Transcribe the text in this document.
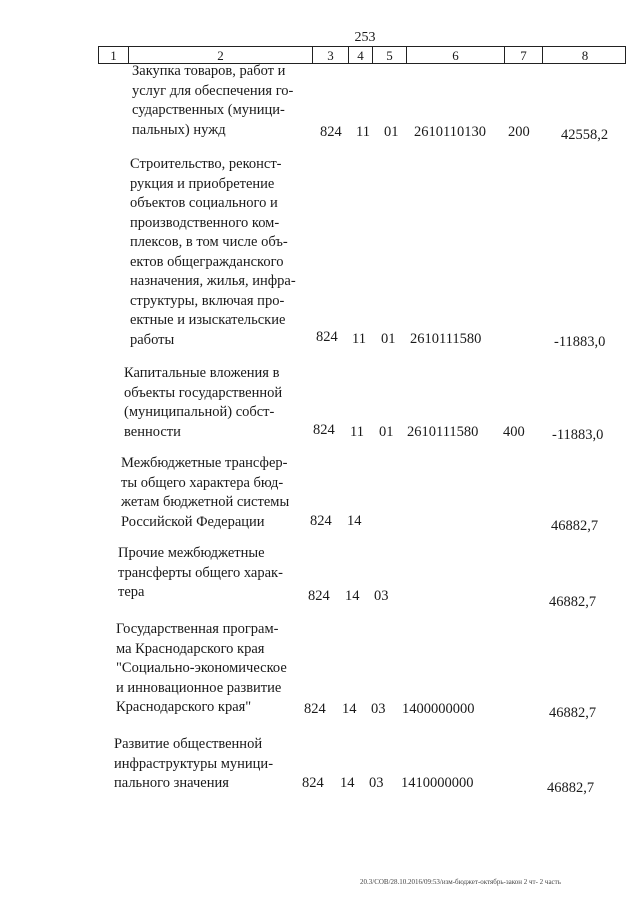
253
1	2	3	4	5	6	7	8
Закупка товаров, работ и
услуг для обеспечения го-
сударственных (муници-
пальных) нужд	824 11 01 2610110130 200 42558,2
Строительство, реконст-
рукция и приобретение
объектов социального и
производственного ком-
плексов, в том числе объ-
ектов общегражданского
назначения, жилья, инфра-
структуры, включая про-
ектные и изыскательские
работы	824 11 01 2610111580	-11883,0
Капитальные вложения в
объекты государственной
(муниципальной) собст-
венности	824 11 01 2610111580 400 -11883,0
Межбюджетные трансфер-
ты общего характера бюд-
жетам бюджетной системы
Российской Федерации	824 14	46882,7
Прочие межбюджетные
трансферты общего харак-
тера	824 14 03	46882,7
Государственная програм-
ма Краснодарского края
"Социально-экономическое
и инновационное развитие
Краснодарского края"	824 14 03 1400000000	46882,7
Развитие общественной
инфраструктуры муници-
пального значения	824 14 03 1410000000	46882,7
20.3/СОВ/28.10.2016/09:53/изм-бюджет-октябрь-закон 2 чт- 2 часть
